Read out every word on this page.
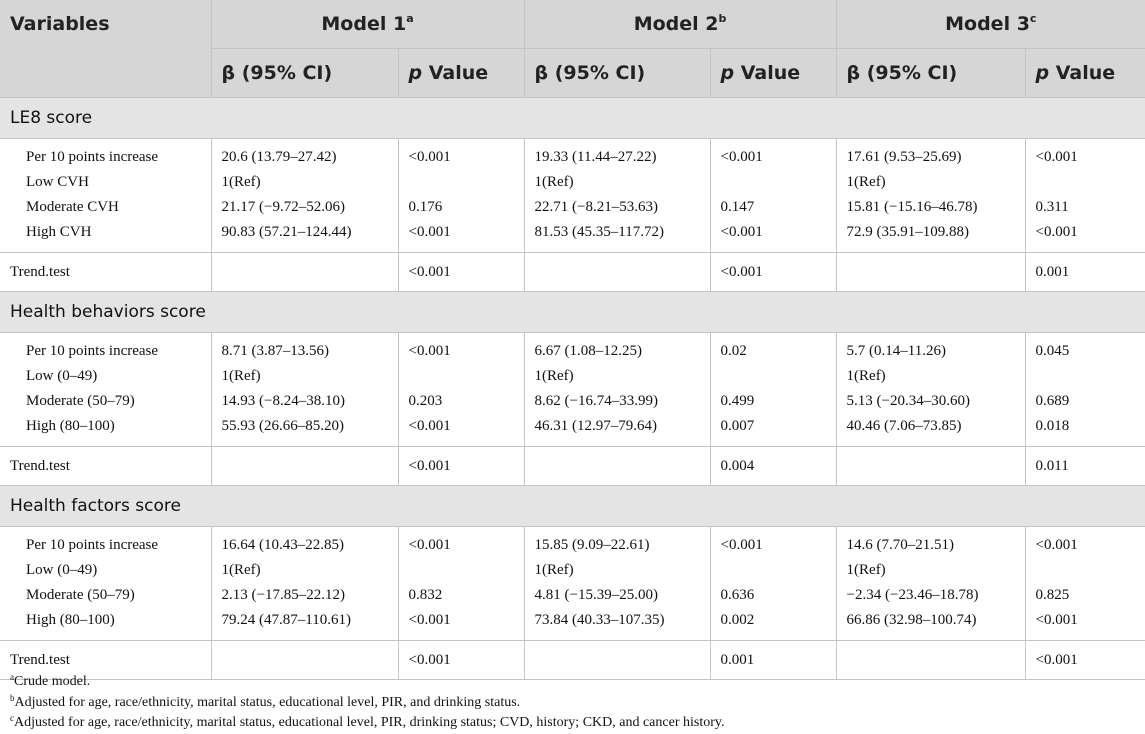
Variables	Model 1$^a$		Model 2$^b$		Model 3$^c$
	β (95% CI)	p Value	β (95% CI)	p Value	β (95% CI)	p Value
LE8 score						
Per 10 points increase	20.6 (13.79–27.42)	<0.001	19.33 (11.44–27.22)	<0.001	17.61 (9.53–25.69)	<0.001
Low CVH	1(Ref)		1(Ref)		1(Ref)	
Moderate CVH	21.17 (−9.72–52.06)	0.176	22.71 (−8.21–53.63)	0.147	15.81 (−15.16–46.78)	0.311
High CVH	90.83 (57.21–124.44)	<0.001	81.53 (45.35–117.72)	<0.001	72.9 (35.91–109.88)	<0.001
Trend.test		<0.001		<0.001		0.001
Health behaviors score						
Per 10 points increase	8.71 (3.87–13.56)	<0.001	6.67 (1.08–12.25)	0.02	5.7 (0.14–11.26)	0.045
Low (0–49)	1(Ref)		1(Ref)		1(Ref)	
Moderate (50–79)	14.93 (−8.24–38.10)	0.203	8.62 (−16.74–33.99)	0.499	5.13 (−20.34–30.60)	0.689
High (80–100)	55.93 (26.66–85.20)	<0.001	46.31 (12.97–79.64)	0.007	40.46 (7.06–73.85)	0.018
Trend.test		<0.001		0.004		0.011
Health factors score						
Per 10 points increase	16.64 (10.43–22.85)	<0.001	15.85 (9.09–22.61)	<0.001	14.6 (7.70–21.51)	<0.001
Low (0–49)	1(Ref)		1(Ref)		1(Ref)	
Moderate (50–79)	2.13 (−17.85–22.12)	0.832	4.81 (−15.39–25.00)	0.636	−2.34 (−23.46–18.78)	0.825
High (80–100)	79.24 (47.87–110.61)	<0.001	73.84 (40.33–107.35)	0.002	66.86 (32.98–100.74)	<0.001
Trend.test		<0.001		0.001		<0.001
$^a$Crude model.
$^b$Adjusted for age, race/ethnicity, marital status, educational level, PIR, and drinking status.
$^c$Adjusted for age, race/ethnicity, marital status, educational level, PIR, drinking status; CVD, history; CKD, and cancer history.
